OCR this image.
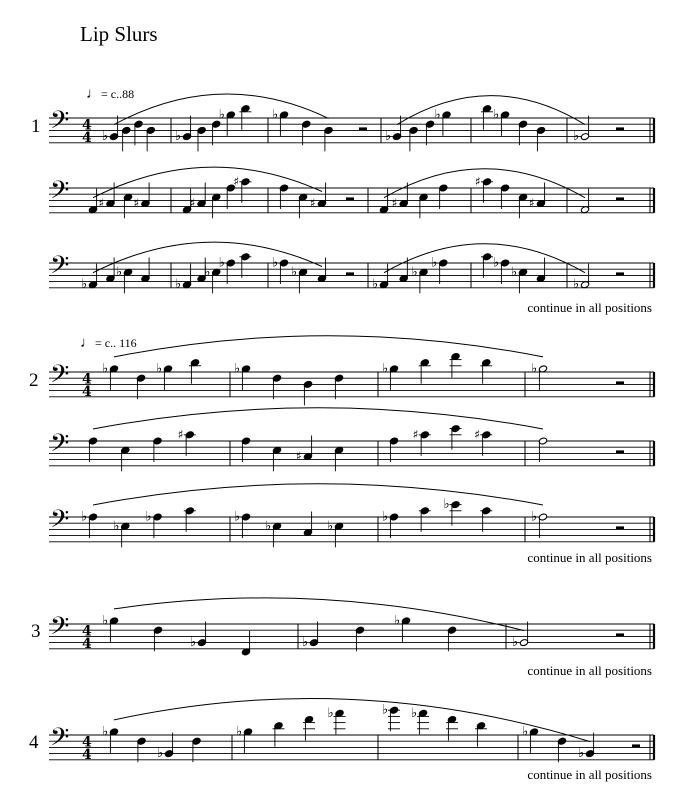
Lip Slurs
♩= c..88
♩= c.. 116
1
2
3
4
𝄢 4
4 ♭	♭
♭	♭
♭
♭	♭
♭
𝄢 ♯ ♯	♯
♯
♯	♯
♯
♯
𝄢 ♭
♭
♭
♭
♭	♭
♭
♭
♭
♭	♭
♭
♭
𝄢 4
4
♭	♭	♭	♭	♭
𝄢	♯
♯
♯	♯
𝄢 ♭
♭
♭	♭
♭	♭
♭
♭
♭
𝄢 4
4
♭
♭	♭
♭
♭
𝄢 4
4
♭
♭
♭
♭	♭ ♭
♭
♭
continue in all positions
continue in all positions
continue in all positions
continue in all positions
